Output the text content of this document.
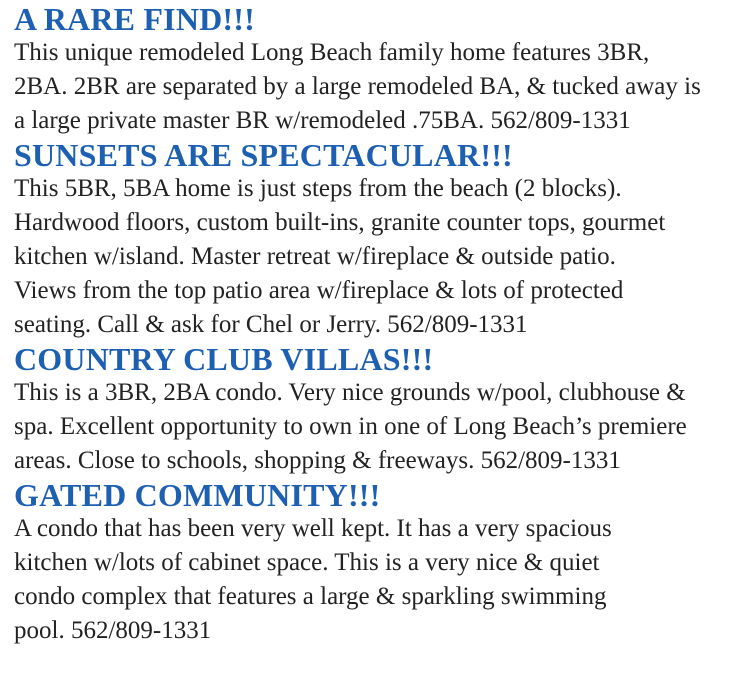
A RARE FIND!!!

This unique remodeled Long Beach family home features 3BR,
2BA. 2BR are separated by a large remodeled BA, & tucked away is
a large private master BR w/remodeled .75BA. 562/809-1331

SUNSETS ARE SPECTACULAR!!!

This 5BR, 5BA home is just steps from the beach (2 blocks).
Hardwood floors, custom built-ins, granite counter tops, gourmet
kitchen w/island. Master retreat w/fireplace & outside patio.
Views from the top patio area w/fireplace & lots of protected
seating. Call & ask for Chel or Jerry. 562/809-1331

COUNTRY CLUB VILLAS!!!

This is a 3BR, 2BA condo. Very nice grounds w/pool, clubhouse &
spa. Excellent opportunity to own in one of Long Beach’s premiere
areas. Close to schools, shopping & freeways. 562/809-1331

GATED COMMUNITY!!!

A condo that has been very well kept. It has a very spacious
kitchen w/lots of cabinet space. This is a very nice & quiet
condo complex that features a large & sparkling swimming
pool. 562/809-1331
